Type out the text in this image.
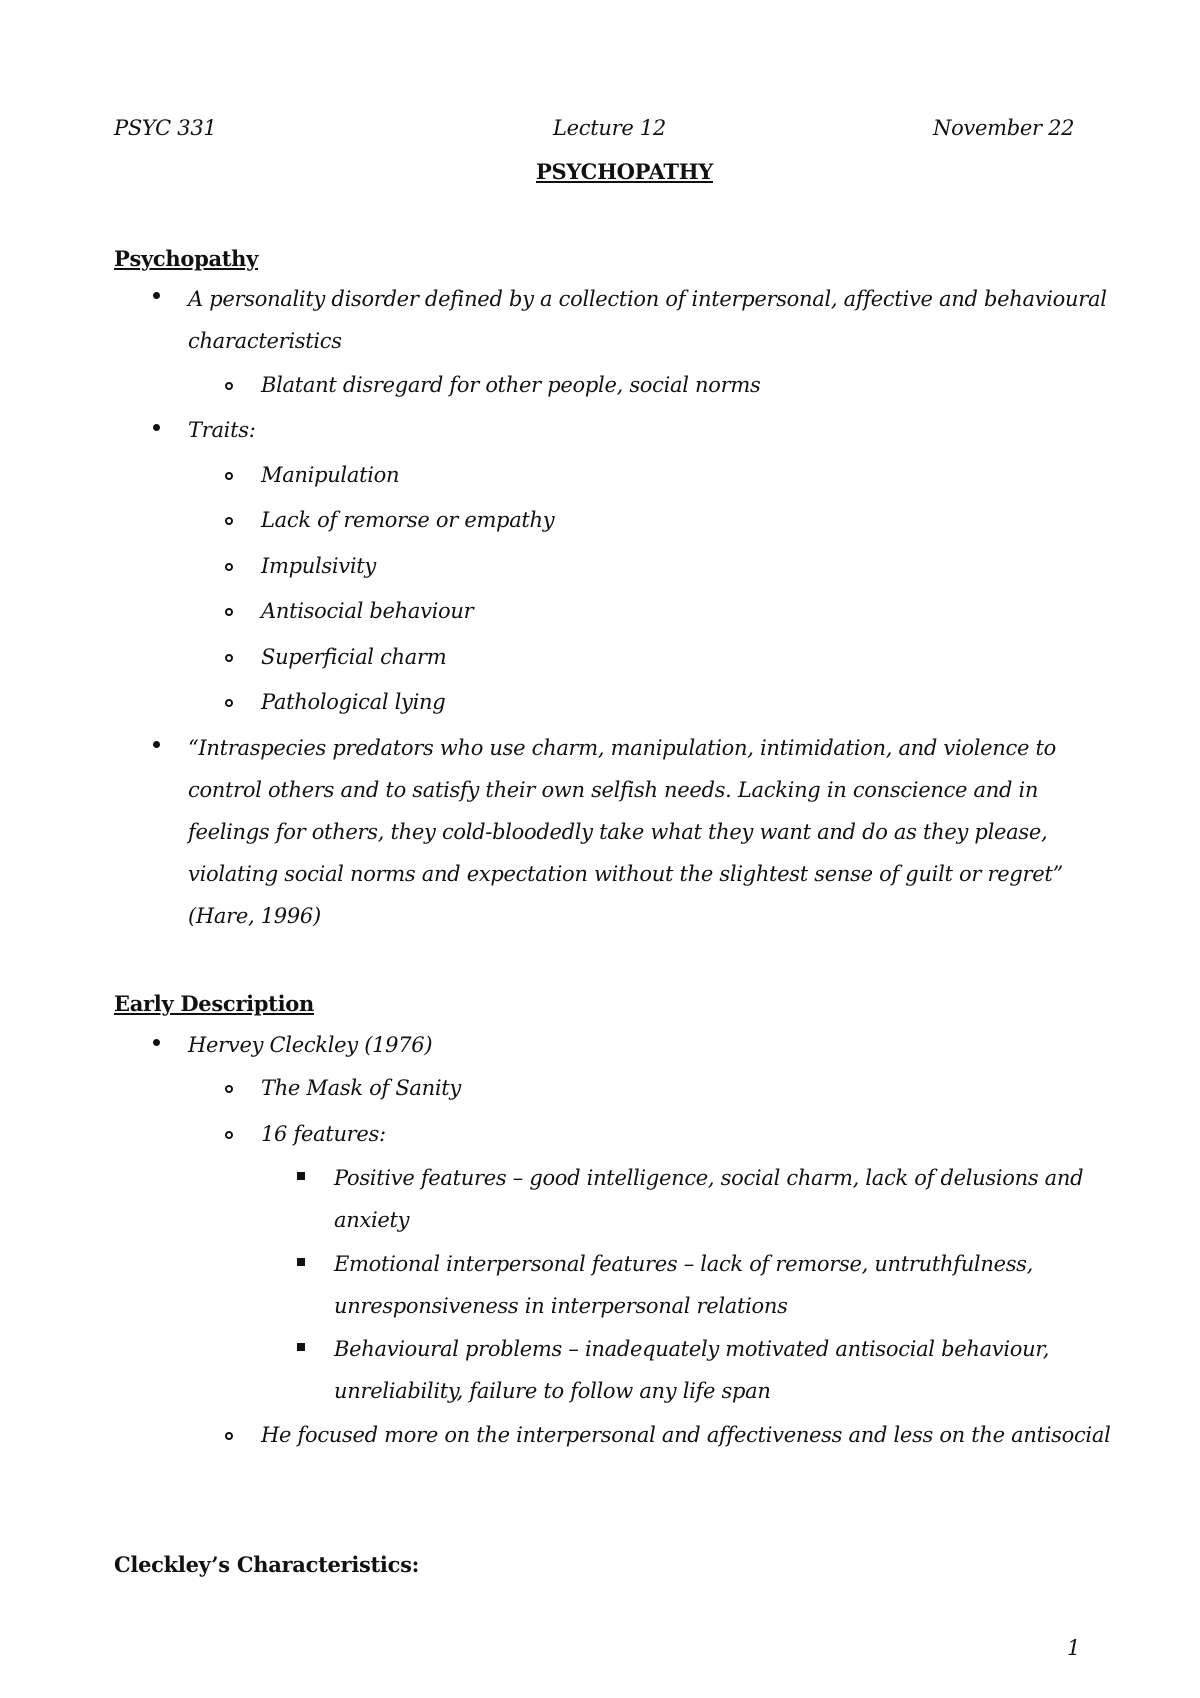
PSYC 331	Lecture 12	November 22

PSYCHOPATHY

Psychopathy

A personality disorder defined by a collection of interpersonal, affective and behavioural

characteristics

Blatant disregard for other people, social norms

Traits:

Manipulation

Lack of remorse or empathy

Impulsivity

Antisocial behaviour

Superficial charm

Pathological lying

“Intraspecies predators who use charm, manipulation, intimidation, and violence to

control others and to satisfy their own selfish needs. Lacking in conscience and in

feelings for others, they cold-bloodedly take what they want and do as they please,

violating social norms and expectation without the slightest sense of guilt or regret”

(Hare, 1996)

Early Description

Hervey Cleckley (1976)

The Mask of Sanity

16 features:

Positive features – good intelligence, social charm, lack of delusions and

anxiety

Emotional interpersonal features – lack of remorse, untruthfulness,

unresponsiveness in interpersonal relations

Behavioural problems – inadequately motivated antisocial behaviour,

unreliability, failure to follow any life span

He focused more on the interpersonal and affectiveness and less on the antisocial

Cleckley’s Characteristics:

1
